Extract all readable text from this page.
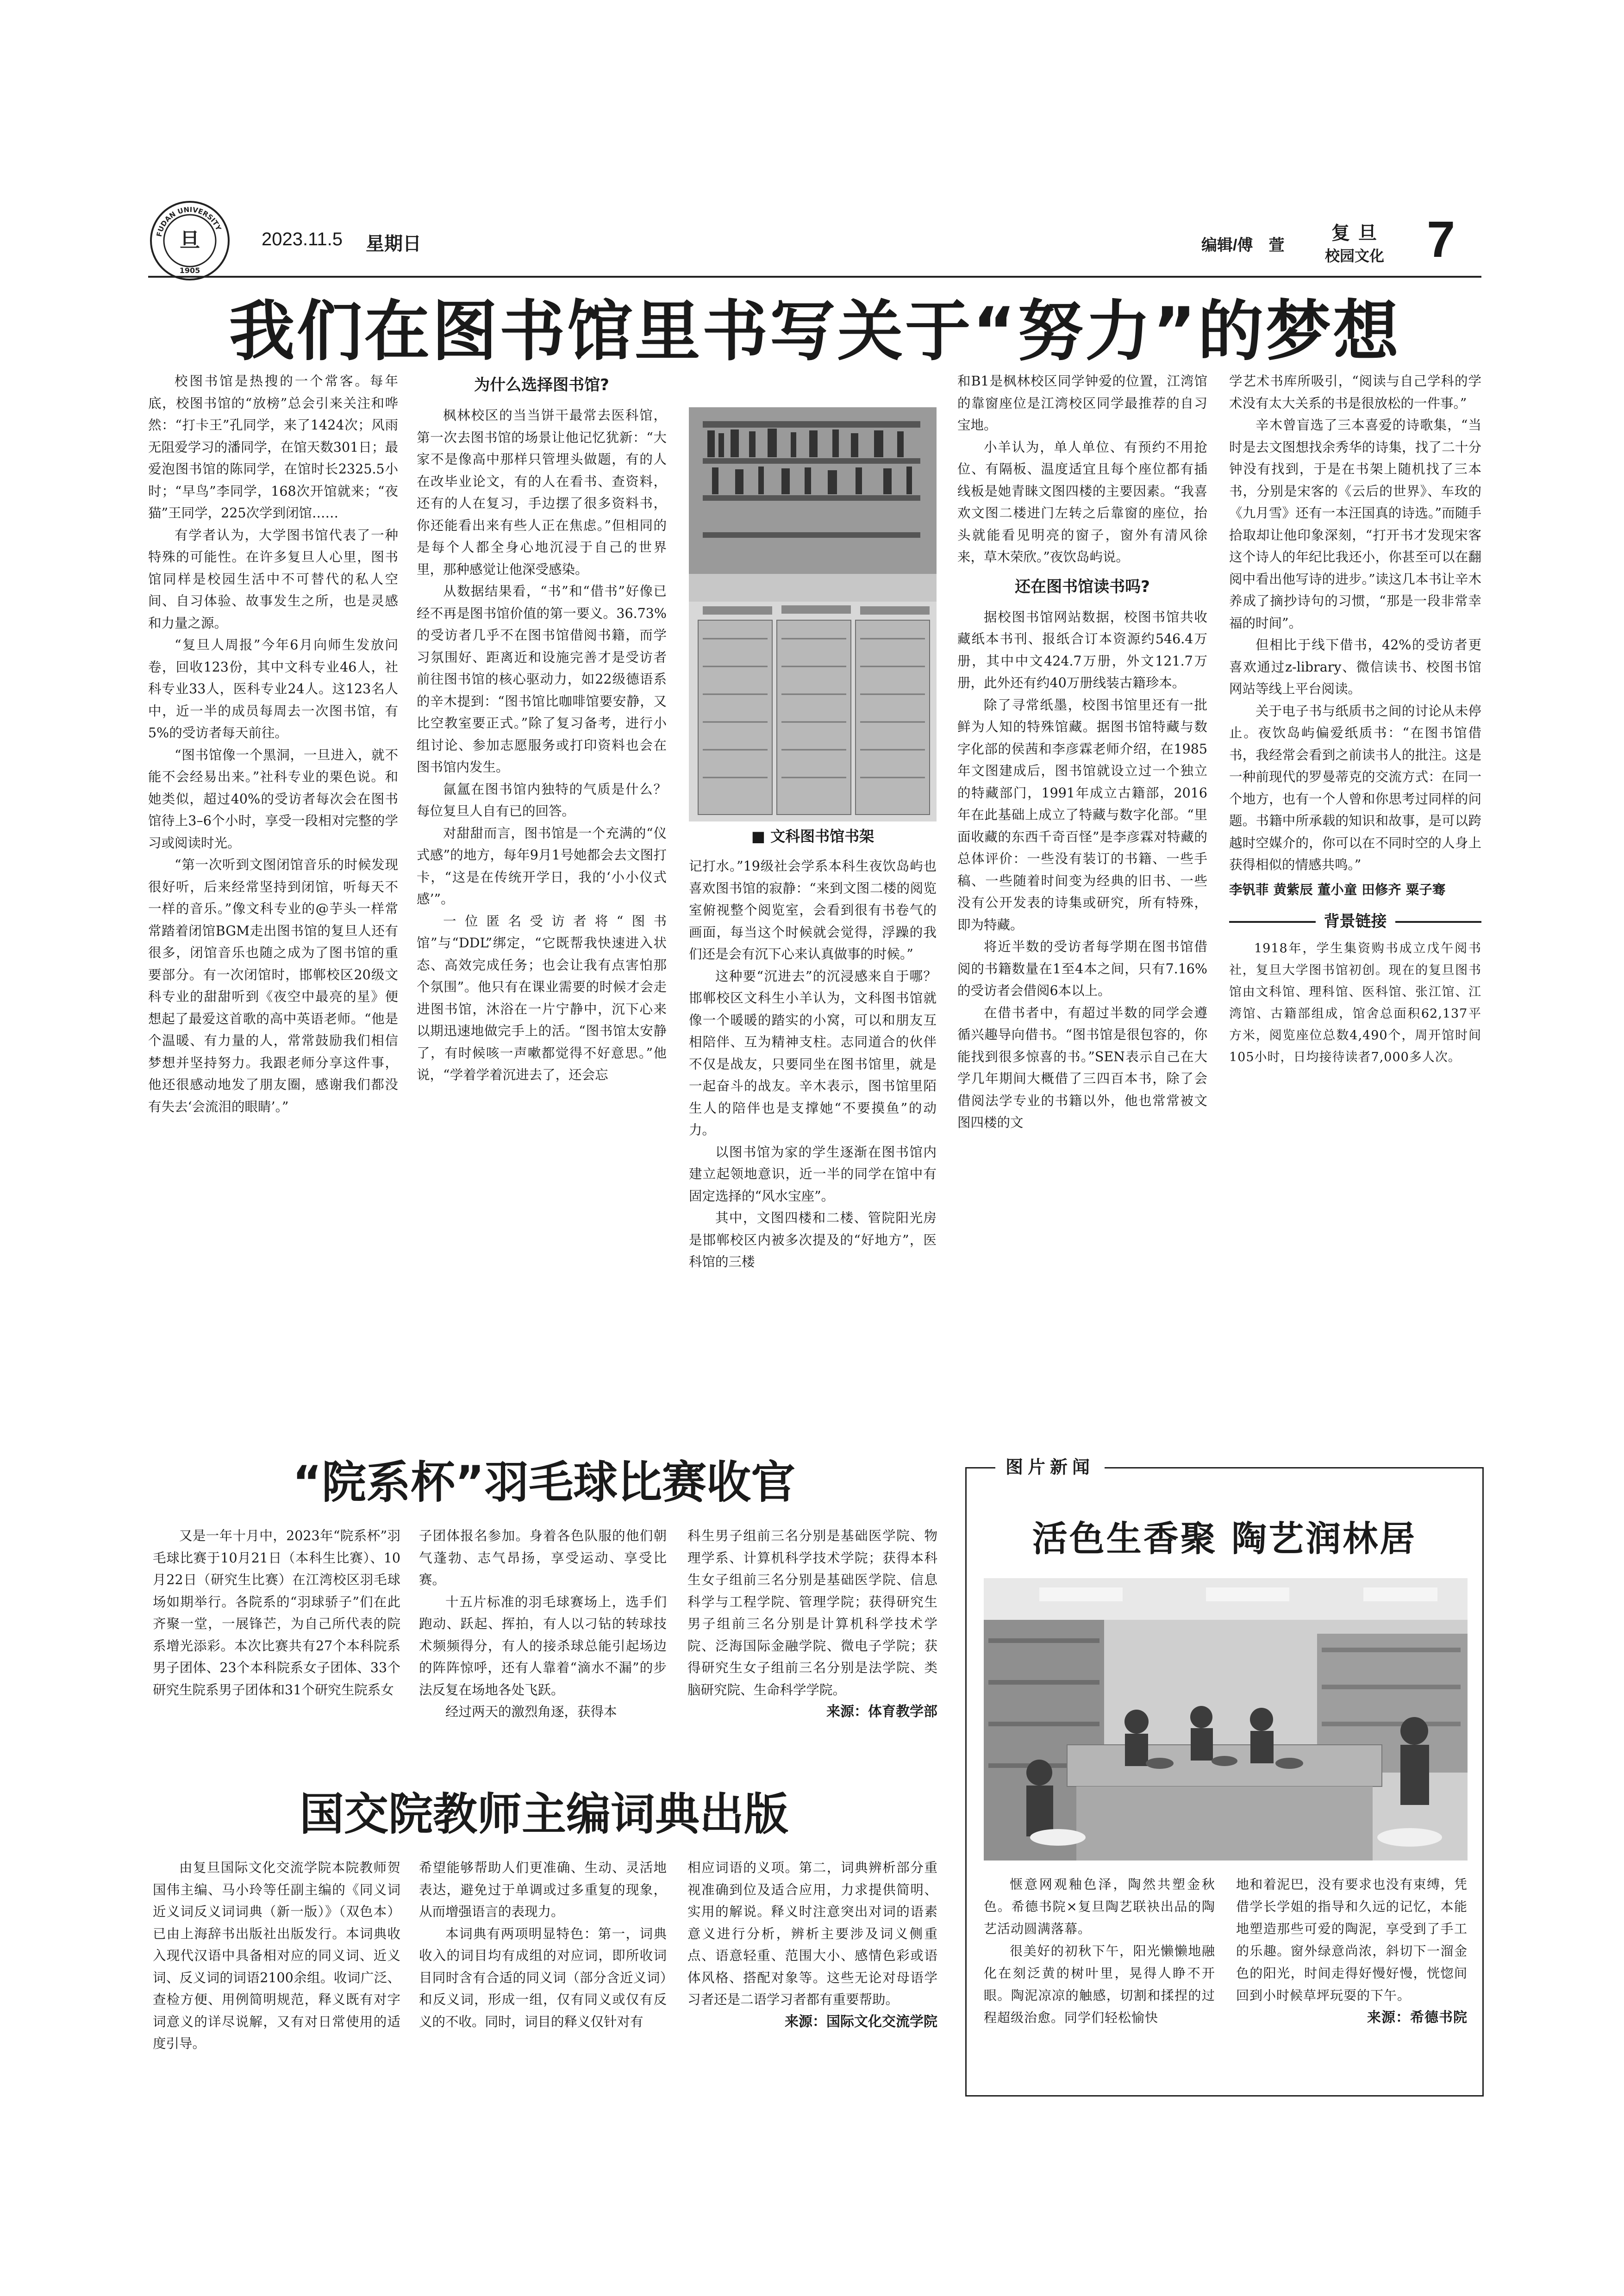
FUDAN UNIVERSITY
旦
1905
2023.11.5 星期日	编辑/傅　萱
复旦
校园文化 7
我们在图书馆里书写关于“努力”的梦想

校图书馆是热搜的一个常客。每年底，校图书馆的“放榜”总会引来关注和哗然：“打卡王”孔同学，来了1424次；风雨无阻爱学习的潘同学，在馆天数301日；最爱泡图书馆的陈同学，在馆时长2325.5小时；“早鸟”李同学，168次开馆就来；“夜猫”王同学，225次学到闭馆……

有学者认为，大学图书馆代表了一种特殊的可能性。在许多复旦人心里，图书馆同样是校园生活中不可替代的私人空间、自习体验、故事发生之所，也是灵感和力量之源。

“复旦人周报”今年6月向师生发放问卷，回收123份，其中文科专业46人，社科专业33人，医科专业24人。这123名人中，近一半的成员每周去一次图书馆，有5%的受访者每天前往。

“图书馆像一个黑洞，一旦进入，就不能不会经易出来。”社科专业的栗色说。和她类似，超过40%的受访者每次会在图书馆待上3–6个小时，享受一段相对完整的学习或阅读时光。

“第一次听到文图闭馆音乐的时候发现很好听，后来经常坚持到闭馆，听每天不一样的音乐。”像文科专业的@芋头一样常常踏着闭馆BGM走出图书馆的复旦人还有很多，闭馆音乐也随之成为了图书馆的重要部分。有一次闭馆时，邯郸校区20级文科专业的甜甜听到《夜空中最亮的星》便想起了最爱这首歌的高中英语老师。“他是个温暖、有力量的人，常常鼓励我们相信梦想并坚持努力。我跟老师分享这件事，他还很感动地发了朋友圈，感谢我们都没有失去‘会流泪的眼睛’。”

为什么选择图书馆?

枫林校区的当当饼干最常去医科馆，第一次去图书馆的场景让他记忆犹新：“大家不是像高中那样只管埋头做题，有的人在改毕业论文，有的人在看书、查资料，还有的人在复习，手边摆了很多资料书，你还能看出来有些人正在焦虑。”但相同的是每个人都全身心地沉浸于自己的世界里，那种感觉让他深受感染。

从数据结果看，“书”和“借书”好像已经不再是图书馆价值的第一要义。36.73%的受访者几乎不在图书馆借阅书籍，而学习氛围好、距离近和设施完善才是受访者前往图书馆的核心驱动力，如22级德语系的辛木提到：“图书馆比咖啡馆要安静，又比空教室要正式。”除了复习备考，进行小组讨论、参加志愿服务或打印资料也会在图书馆内发生。

氤氲在图书馆内独特的气质是什么？每位复旦人自有已的回答。

对甜甜而言，图书馆是一个充满的“仪式感”的地方，每年9月1号她都会去文图打卡，“这是在传统开学日，我的‘小小仪式感’”。

一位匿名受访者将“图书馆”与“DDL”绑定，“它既帮我快速进入状态、高效完成任务；也会让我有点害怕那个氛围”。他只有在课业需要的时候才会走进图书馆，沐浴在一片宁静中，沉下心来以期迅速地做完手上的活。“图书馆太安静了，有时候咳一声嗽都觉得不好意思。”他说，“学着学着沉进去了，还会忘

■ 文科图书馆书架

记打水。”19级社会学系本科生夜饮岛屿也喜欢图书馆的寂静：“来到文图二楼的阅览室俯视整个阅览室，会看到很有书卷气的画面，每当这个时候就会觉得，浮躁的我们还是会有沉下心来认真做事的时候。”

这种要“沉进去”的沉浸感来自于哪？邯郸校区文科生小羊认为，文科图书馆就像一个暖暖的踏实的小窝，可以和朋友互相陪伴、互为精神支柱。志同道合的伙伴不仅是战友，只要同坐在图书馆里，就是一起奋斗的战友。辛木表示，图书馆里陌生人的陪伴也是支撑她“不要摸鱼”的动力。

以图书馆为家的学生逐渐在图书馆内建立起领地意识，近一半的同学在馆中有固定选择的“风水宝座”。

其中，文图四楼和二楼、管院阳光房是邯郸校区内被多次提及的“好地方”，医科馆的三楼

和B1是枫林校区同学钟爱的位置，江湾馆的靠窗座位是江湾校区同学最推荐的自习宝地。

小羊认为，单人单位、有预约不用抢位、有隔板、温度适宜且每个座位都有插线板是她青睐文图四楼的主要因素。“我喜欢文图二楼进门左转之后靠窗的座位，抬头就能看见明亮的窗子，窗外有清风徐来，草木荣欣。”夜饮岛屿说。

还在图书馆读书吗?

据校图书馆网站数据，校图书馆共收藏纸本书刊、报纸合订本资源约546.4万册，其中中文424.7万册，外文121.7万册，此外还有约40万册线装古籍珍本。

除了寻常纸墨，校图书馆里还有一批鲜为人知的特殊馆藏。据图书馆特藏与数字化部的侯茜和李彦霖老师介绍，在1985年文图建成后，图书馆就设立过一个独立的特藏部门，1991年成立古籍部，2016年在此基础上成立了特藏与数字化部。“里面收藏的东西千奇百怪”是李彦霖对特藏的总体评价：一些没有装订的书籍、一些手稿、一些随着时间变为经典的旧书、一些没有公开发表的诗集或研究，所有特殊，即为特藏。

将近半数的受访者每学期在图书馆借阅的书籍数量在1至4本之间，只有7.16%的受访者会借阅6本以上。

在借书者中，有超过半数的同学会遵循兴趣导向借书。“图书馆是很包容的，你能找到很多惊喜的书。”SEN表示自己在大学几年期间大概借了三四百本书，除了会借阅法学专业的书籍以外，他也常常被文图四楼的文

学艺术书库所吸引，“阅读与自己学科的学术没有太大关系的书是很放松的一件事。”

辛木曾盲选了三本喜爱的诗歌集，“当时是去文图想找余秀华的诗集，找了二十分钟没有找到，于是在书架上随机找了三本书，分别是宋客的《云后的世界》、车玫的《九月雪》还有一本汪国真的诗选。”而随手拾取却让他印象深刻，“打开书才发现宋客这个诗人的年纪比我还小，你甚至可以在翻阅中看出他写诗的进步。”读这几本书让辛木养成了摘抄诗句的习惯，“那是一段非常幸福的时间”。

但相比于线下借书，42%的受访者更喜欢通过z-library、微信读书、校图书馆网站等线上平台阅读。

关于电子书与纸质书之间的讨论从未停止。夜饮岛屿偏爱纸质书：“在图书馆借书，我经常会看到之前读书人的批注。这是一种前现代的罗曼蒂克的交流方式：在同一个地方，也有一个人曾和你思考过同样的问题。书籍中所承载的知识和故事，是可以跨越时空媒介的，你可以在不同时空的人身上获得相似的情感共鸣。”

李钒菲 黄紫辰 董小童 田修齐 粟子骞

背景链接

1918年，学生集资购书成立戊午阅书社，复旦大学图书馆初创。现在的复旦图书馆由文科馆、理科馆、医科馆、张江馆、江湾馆、古籍部组成，馆舍总面积62,137平方米，阅览座位总数4,490个，周开馆时间105小时，日均接待读者7,000多人次。

“院系杯”羽毛球比赛收官

又是一年十月中，2023年“院系杯”羽毛球比赛于10月21日（本科生比赛）、10月22日（研究生比赛）在江湾校区羽毛球场如期举行。各院系的“羽球骄子”们在此齐聚一堂，一展锋芒，为自己所代表的院系增光添彩。本次比赛共有27个本科院系男子团体、23个本科院系女子团体、33个研究生院系男子团体和31个研究生院系女

子团体报名参加。身着各色队服的他们朝气蓬勃、志气昂扬，享受运动、享受比赛。

十五片标准的羽毛球赛场上，选手们跑动、跃起、挥拍，有人以刁钻的转球技术频频得分，有人的接杀球总能引起场边的阵阵惊呼，还有人靠着“滴水不漏”的步法反复在场地各处飞跃。

经过两天的激烈角逐，获得本

科生男子组前三名分别是基础医学院、物理学系、计算机科学技术学院；获得本科生女子组前三名分别是基础医学院、信息科学与工程学院、管理学院；获得研究生男子组前三名分别是计算机科学技术学院、泛海国际金融学院、微电子学院；获得研究生女子组前三名分别是法学院、类脑研究院、生命科学学院。

来源：体育教学部
国交院教师主编词典出版

由复旦国际文化交流学院本院教师贺国伟主编、马小玲等任副主编的《同义词近义词反义词词典（新一版）》（双色本）已由上海辞书出版社出版发行。本词典收入现代汉语中具备相对应的同义词、近义词、反义词的词语2100余组。收词广泛、查检方便、用例简明规范，释义既有对字词意义的详尽说解，又有对日常使用的适度引导。

希望能够帮助人们更准确、生动、灵活地表达，避免过于单调或过多重复的现象，从而增强语言的表现力。

本词典有两项明显特色：第一，词典收入的词目均有成组的对应词，即所收词目同时含有合适的同义词（部分含近义词）和反义词，形成一组，仅有同义或仅有反义的不收。同时，词目的释义仅针对有

相应词语的义项。第二，词典辨析部分重视准确到位及适合应用，力求提供简明、实用的解说。释义时注意突出对词的语素意义进行分析，辨析主要涉及词义侧重点、语意轻重、范围大小、感情色彩或语体风格、搭配对象等。这些无论对母语学习者还是二语学习者都有重要帮助。

来源：国际文化交流学院
图片新闻
活色生香聚 陶艺润林居

惬意网观釉色泽，陶然共塑金秋色。希德书院×复旦陶艺联袂出品的陶艺活动圆满落幕。

很美好的初秋下午，阳光懒懒地融化在刻泛黄的树叶里，晃得人睁不开眼。陶泥凉凉的触感，切割和揉捏的过程超级治愈。同学们轻松愉快

地和着泥巴，没有要求也没有束缚，凭借学长学姐的指导和久远的记忆，本能地塑造那些可爱的陶泥，享受到了手工的乐趣。窗外绿意尚浓，斜切下一溜金色的阳光，时间走得好慢好慢，恍惚间回到小时候草坪玩耍的下午。

来源：希德书院
